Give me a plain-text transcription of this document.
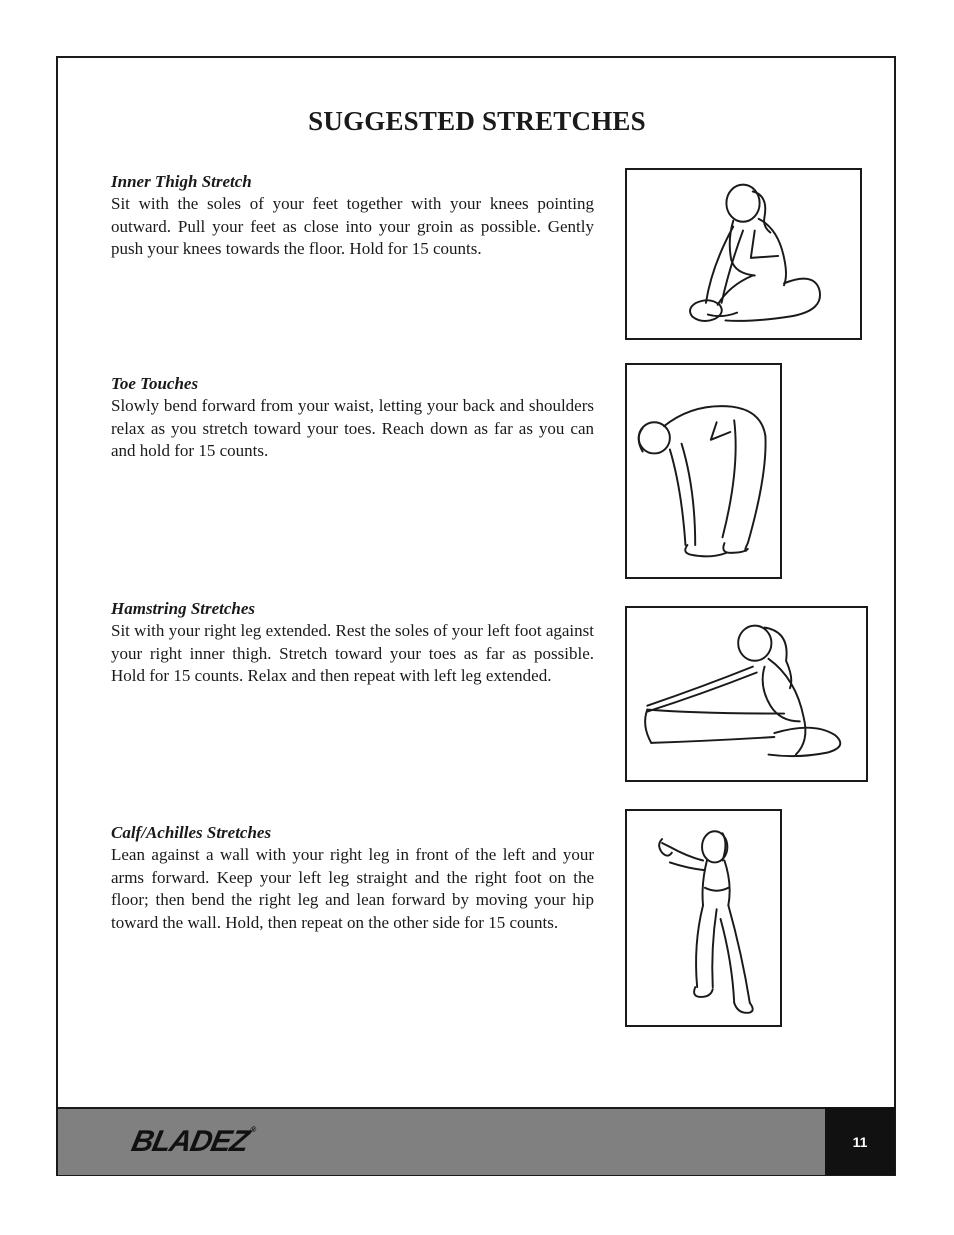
SUGGESTED STRETCHES

Inner Thigh Stretch

Sit with the soles of your feet together with your knees pointing outward. Pull your feet as close into your groin as possible. Gently push your knees towards the floor. Hold for 15 counts.

Toe Touches

Slowly bend forward from your waist, letting your back and shoulders relax as you stretch toward your toes. Reach down as far as you can and hold for 15 counts.

Hamstring Stretches

Sit with your right leg extended. Rest the soles of your left foot against your right inner thigh. Stretch toward your toes as far as possible. Hold for 15 counts. Relax and then repeat with left leg extended.

Calf/Achilles Stretches

Lean against a wall with your right leg in front of the left and your arms forward. Keep your left leg straight and the right foot on the floor; then bend the right leg and lean forward by moving your hip toward the wall. Hold, then repeat on the other side for 15 counts.

BLADEZ®
11
